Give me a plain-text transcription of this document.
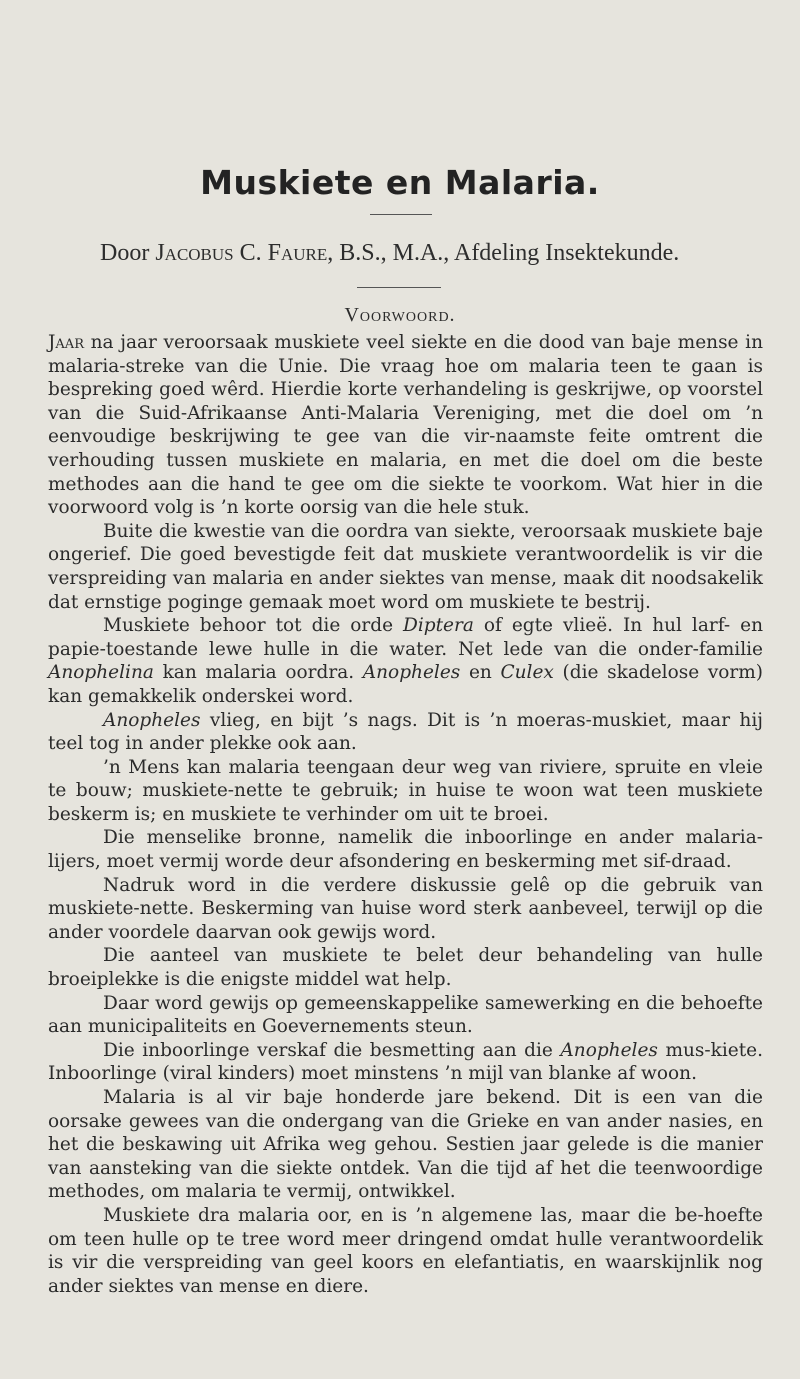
Muskiete en Malaria.
Door Jacobus C. Faure, B.S., M.A., Afdeling Insektekunde.
Voorwoord.

Jaar na jaar veroorsaak muskiete veel siekte en die dood van baje mense in malaria-streke van die Unie. Die vraag hoe om malaria teen te gaan is bespreking goed wêrd. Hierdie korte verhandeling is geskrijwe, op voorstel van die Suid-Afrikaanse Anti-Malaria Vereniging, met die doel om ’n eenvoudige beskrijwing te gee van die vir-naamste feite omtrent die verhouding tussen muskiete en malaria, en met die doel om die beste methodes aan die hand te gee om die siekte te voorkom. Wat hier in die voorwoord volg is ’n korte oorsig van die hele stuk.

Buite die kwestie van die oordra van siekte, veroorsaak muskiete baje ongerief. Die goed bevestigde feit dat muskiete verantwoordelik is vir die verspreiding van malaria en ander siektes van mense, maak dit noodsakelik dat ernstige poginge gemaak moet word om muskiete te bestrij.

Muskiete behoor tot die orde Diptera of egte vlieë. In hul larf- en papie-toestande lewe hulle in die water. Net lede van die onder-familie Anophelina kan malaria oordra. Anopheles en Culex (die skadelose vorm) kan gemakkelik onderskei word.

Anopheles vlieg, en bijt ’s nags. Dit is ’n moeras-muskiet, maar hij teel tog in ander plekke ook aan.

’n Mens kan malaria teengaan deur weg van riviere, spruite en vleie te bouw; muskiete-nette te gebruik; in huise te woon wat teen muskiete beskerm is; en muskiete te verhinder om uit te broei.

Die menselike bronne, namelik die inboorlinge en ander malaria-lijers, moet vermij worde deur afsondering en beskerming met sif-draad.

Nadruk word in die verdere diskussie gelê op die gebruik van muskiete-nette. Beskerming van huise word sterk aanbeveel, terwijl op die ander voordele daarvan ook gewijs word.

Die aanteel van muskiete te belet deur behandeling van hulle broeiplekke is die enigste middel wat help.

Daar word gewijs op gemeenskappelike samewerking en die behoefte aan municipaliteits en Goevernements steun.

Die inboorlinge verskaf die besmetting aan die Anopheles mus-kiete. Inboorlinge (viral kinders) moet minstens ’n mijl van blanke af woon.

Malaria is al vir baje honderde jare bekend. Dit is een van die oorsake gewees van die ondergang van die Grieke en van ander nasies, en het die beskawing uit Afrika weg gehou. Sestien jaar gelede is die manier van aansteking van die siekte ontdek. Van die tijd af het die teenwoordige methodes, om malaria te vermij, ontwikkel.

Muskiete dra malaria oor, en is ’n algemene las, maar die be-hoefte om teen hulle op te tree word meer dringend omdat hulle verantwoordelik is vir die verspreiding van geel koors en elefantiatis, en waarskijnlik nog ander siektes van mense en diere.
